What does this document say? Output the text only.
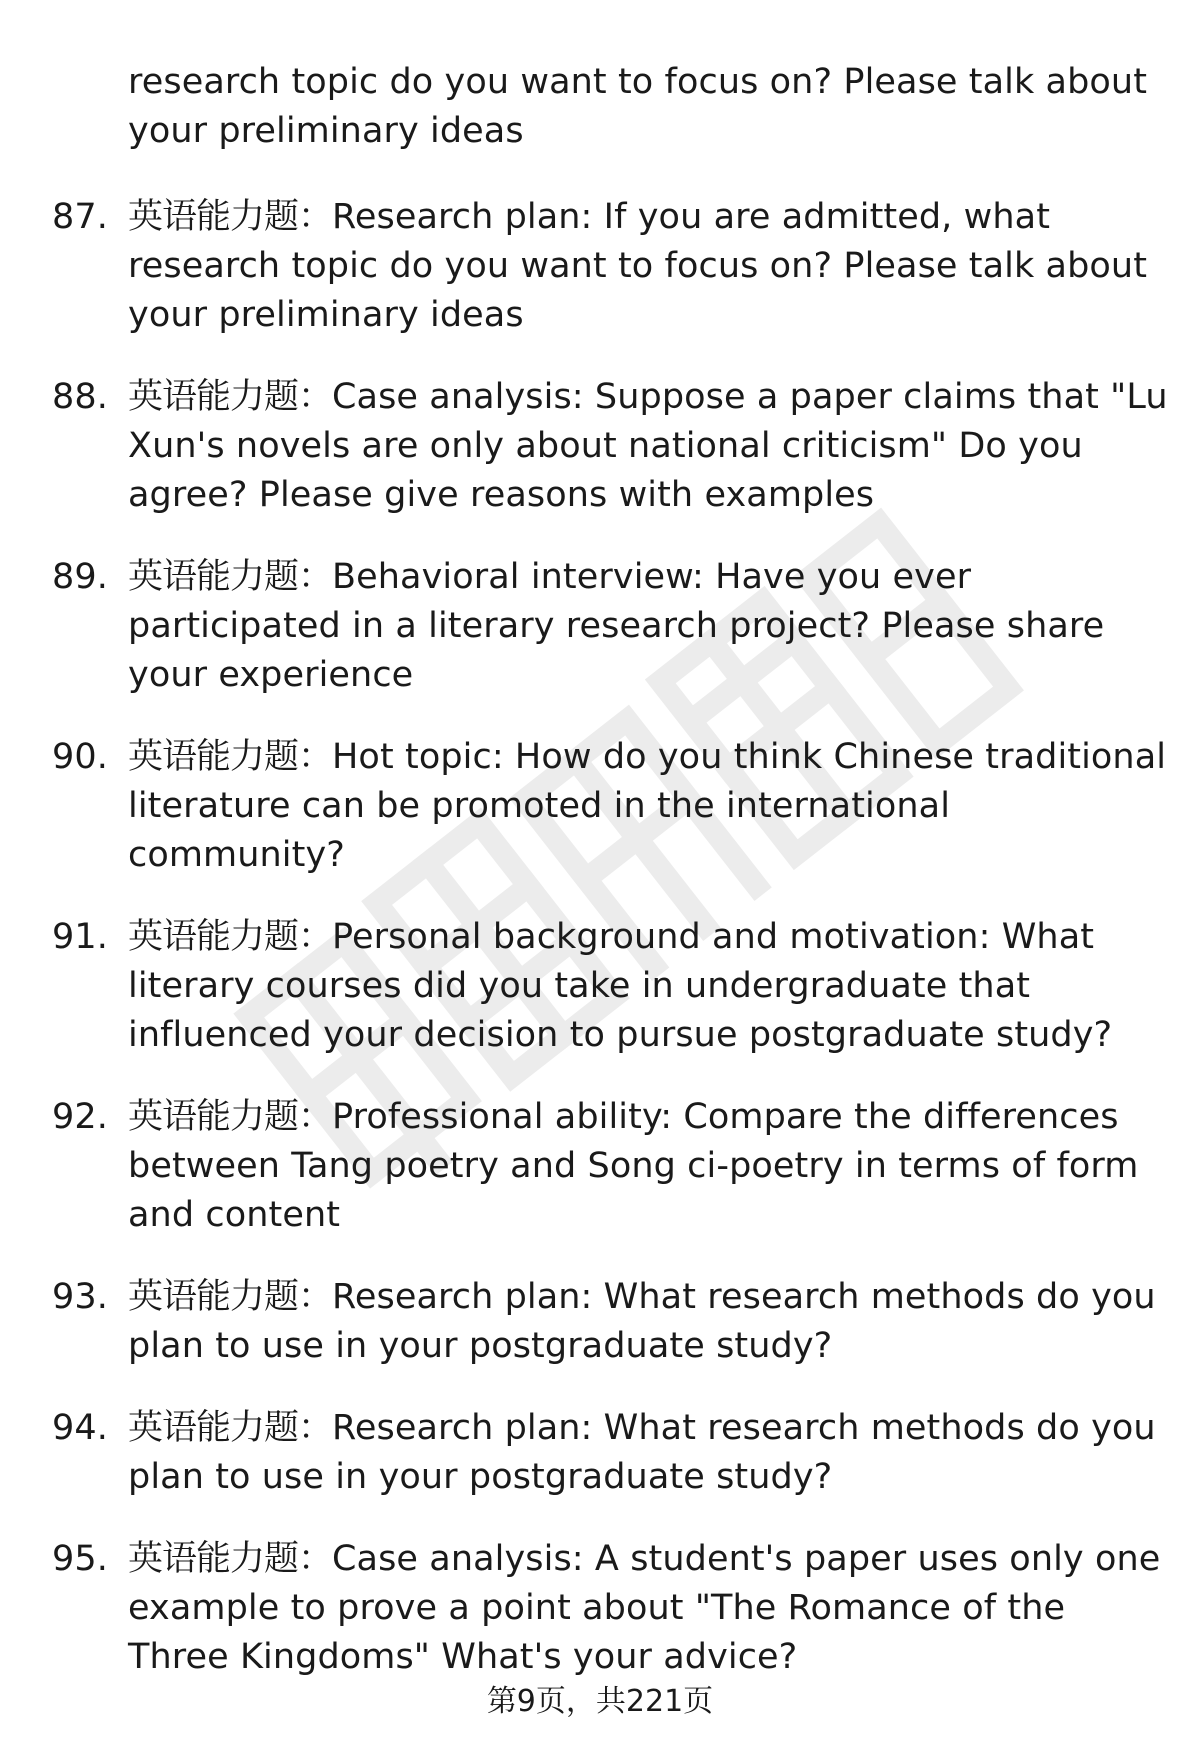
research topic do you want to focus on? Please talk about your preliminary ideas
87. 英语能力题：Research plan: If you are admitted, what research topic do you want to focus on? Please talk about your preliminary ideas
88. 英语能力题：Case analysis: Suppose a paper claims that "Lu Xun's novels are only about national criticism" Do you agree? Please give reasons with examples
89. 英语能力题：Behavioral interview: Have you ever participated in a literary research project? Please share your experience
90. 英语能力题：Hot topic: How do you think Chinese traditional literature can be promoted in the international community?
91. 英语能力题：Personal background and motivation: What literary courses did you take in undergraduate that influenced your decision to pursue postgraduate study?
92. 英语能力题：Professional ability: Compare the differences between Tang poetry and Song ci-poetry in terms of form and content
93. 英语能力题：Research plan: What research methods do you plan to use in your postgraduate study?
94. 英语能力题：Research plan: What research methods do you plan to use in your postgraduate study?
95. 英语能力题：Case analysis: A student's paper uses only one example to prove a point about "The Romance of the Three Kingdoms" What's your advice?
第9页，共221页
